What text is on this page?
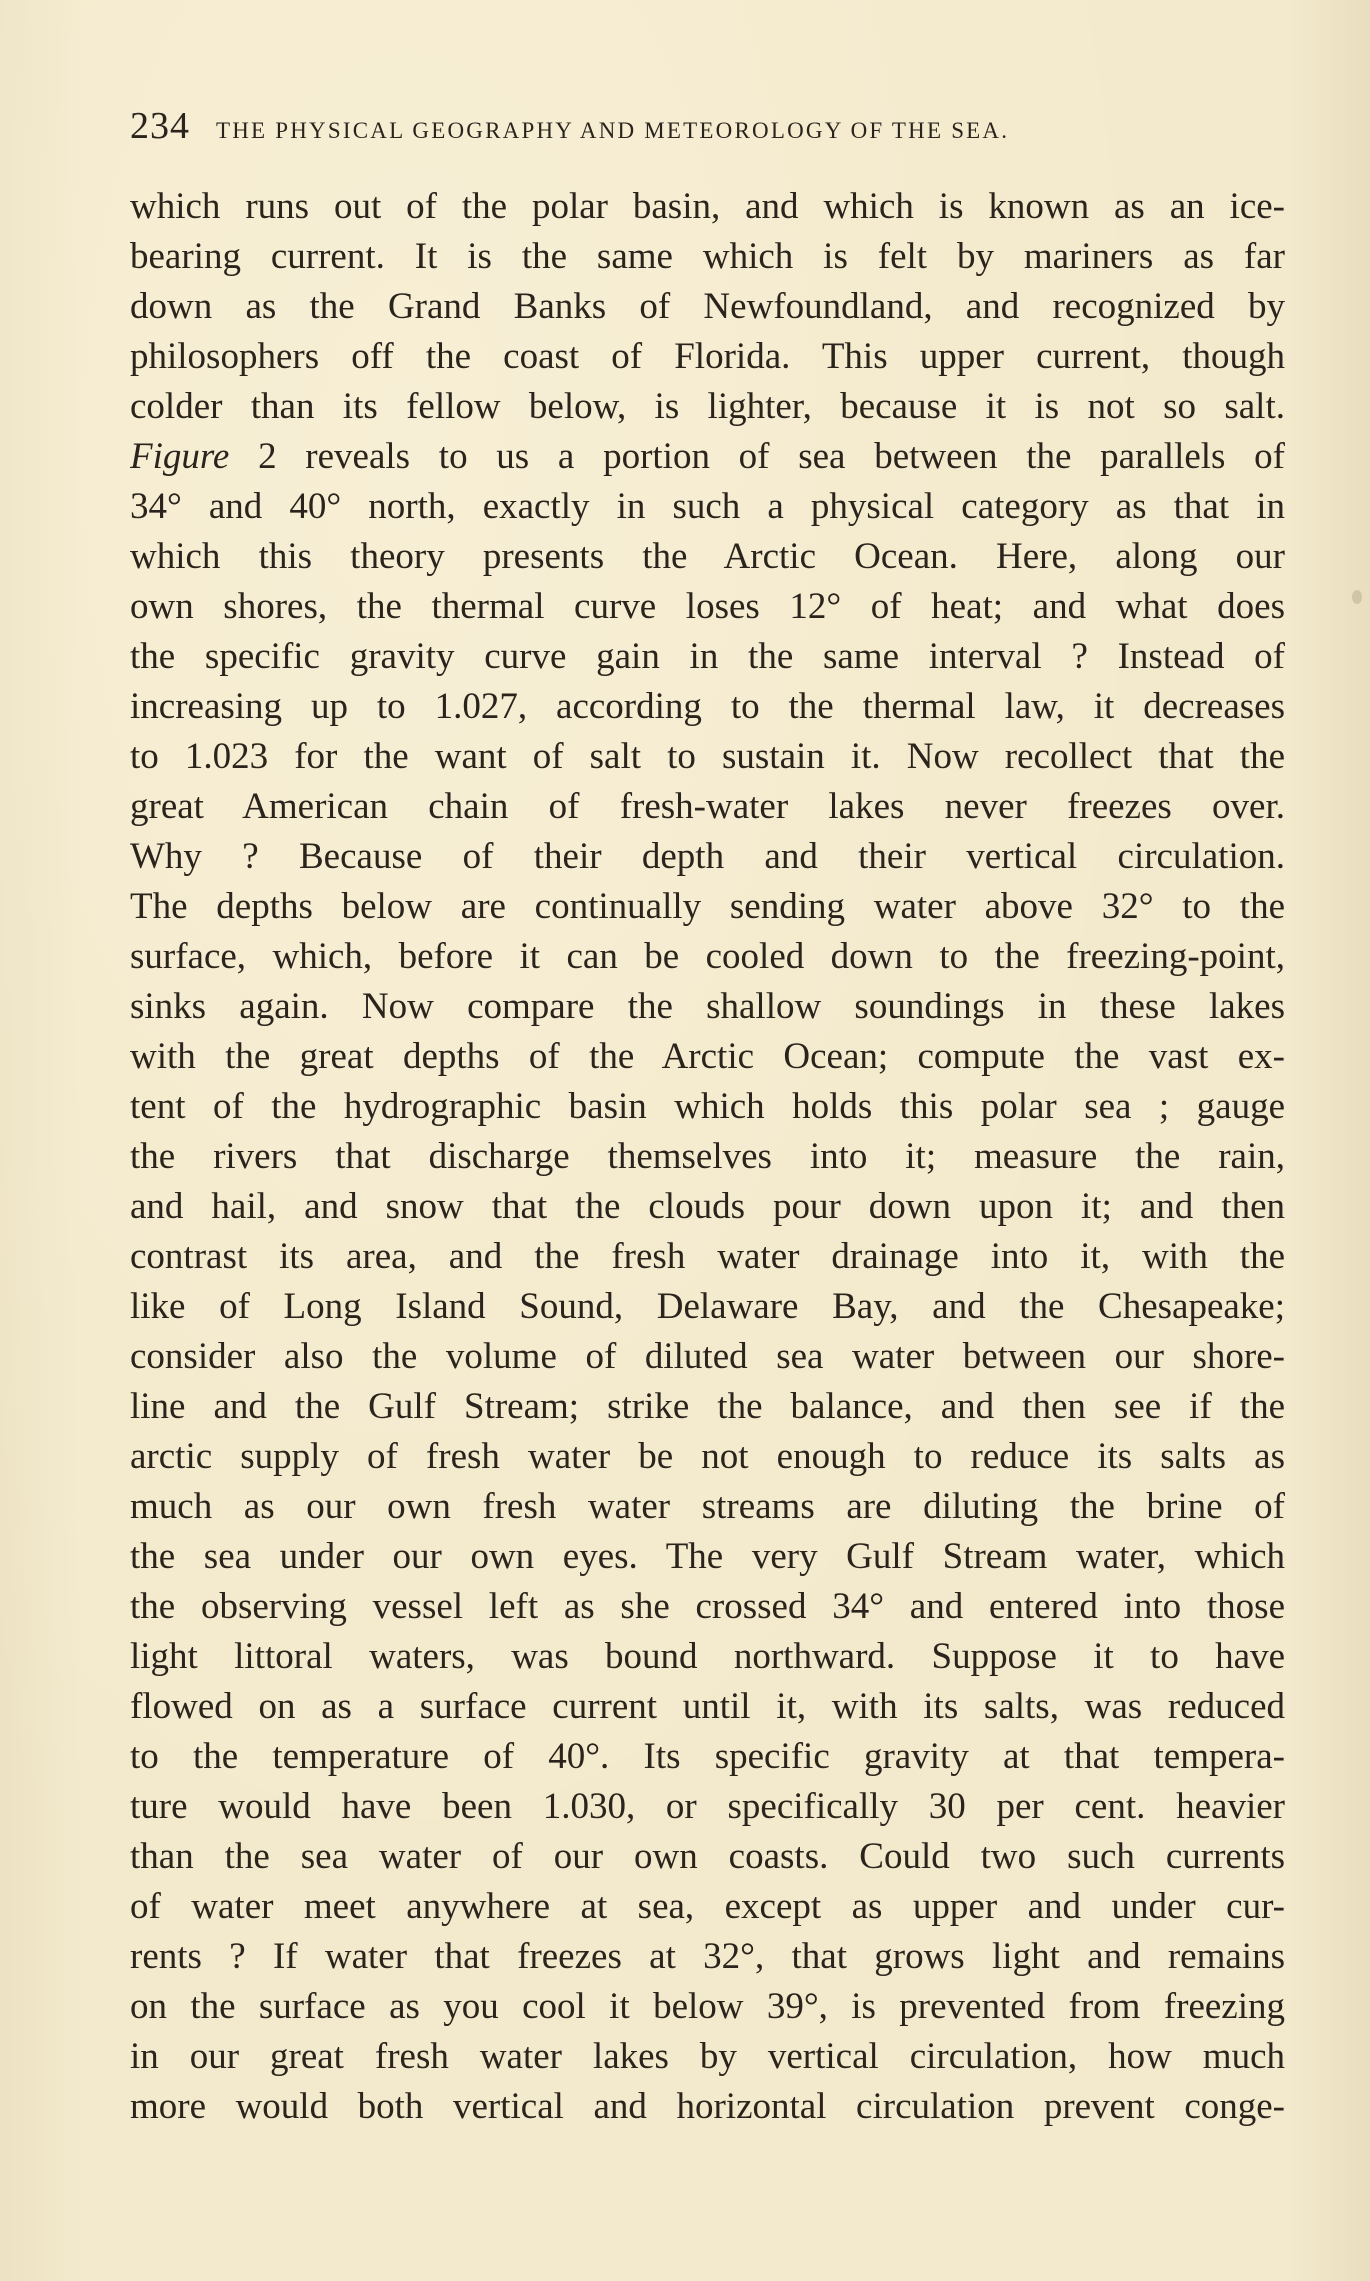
234 THE PHYSICAL GEOGRAPHY AND METEOROLOGY OF THE SEA.
which runs out of the polar basin, and which is known as an ice-
bearing current. It is the same which is felt by mariners as far
down as the Grand Banks of Newfoundland, and recognized by
philosophers off the coast of Florida. This upper current, though
colder than its fellow below, is lighter, because it is not so salt.
Figure 2 reveals to us a portion of sea between the parallels of
34° and 40° north, exactly in such a physical category as that in
which this theory presents the Arctic Ocean. Here, along our
own shores, the thermal curve loses 12° of heat; and what does
the specific gravity curve gain in the same interval ? Instead of
increasing up to 1.027, according to the thermal law, it decreases
to 1.023 for the want of salt to sustain it. Now recollect that the
great American chain of fresh-water lakes never freezes over.
Why ? Because of their depth and their vertical circulation.
The depths below are continually sending water above 32° to the
surface, which, before it can be cooled down to the freezing-point,
sinks again. Now compare the shallow soundings in these lakes
with the great depths of the Arctic Ocean; compute the vast ex-
tent of the hydrographic basin which holds this polar sea ; gauge
the rivers that discharge themselves into it; measure the rain,
and hail, and snow that the clouds pour down upon it; and then
contrast its area, and the fresh water drainage into it, with the
like of Long Island Sound, Delaware Bay, and the Chesapeake;
consider also the volume of diluted sea water between our shore-
line and the Gulf Stream; strike the balance, and then see if the
arctic supply of fresh water be not enough to reduce its salts as
much as our own fresh water streams are diluting the brine of
the sea under our own eyes. The very Gulf Stream water, which
the observing vessel left as she crossed 34° and entered into those
light littoral waters, was bound northward. Suppose it to have
flowed on as a surface current until it, with its salts, was reduced
to the temperature of 40°. Its specific gravity at that tempera-
ture would have been 1.030, or specifically 30 per cent. heavier
than the sea water of our own coasts. Could two such currents
of water meet anywhere at sea, except as upper and under cur-
rents ? If water that freezes at 32°, that grows light and remains
on the surface as you cool it below 39°, is prevented from freezing
in our great fresh water lakes by vertical circulation, how much
more would both vertical and horizontal circulation prevent conge-
